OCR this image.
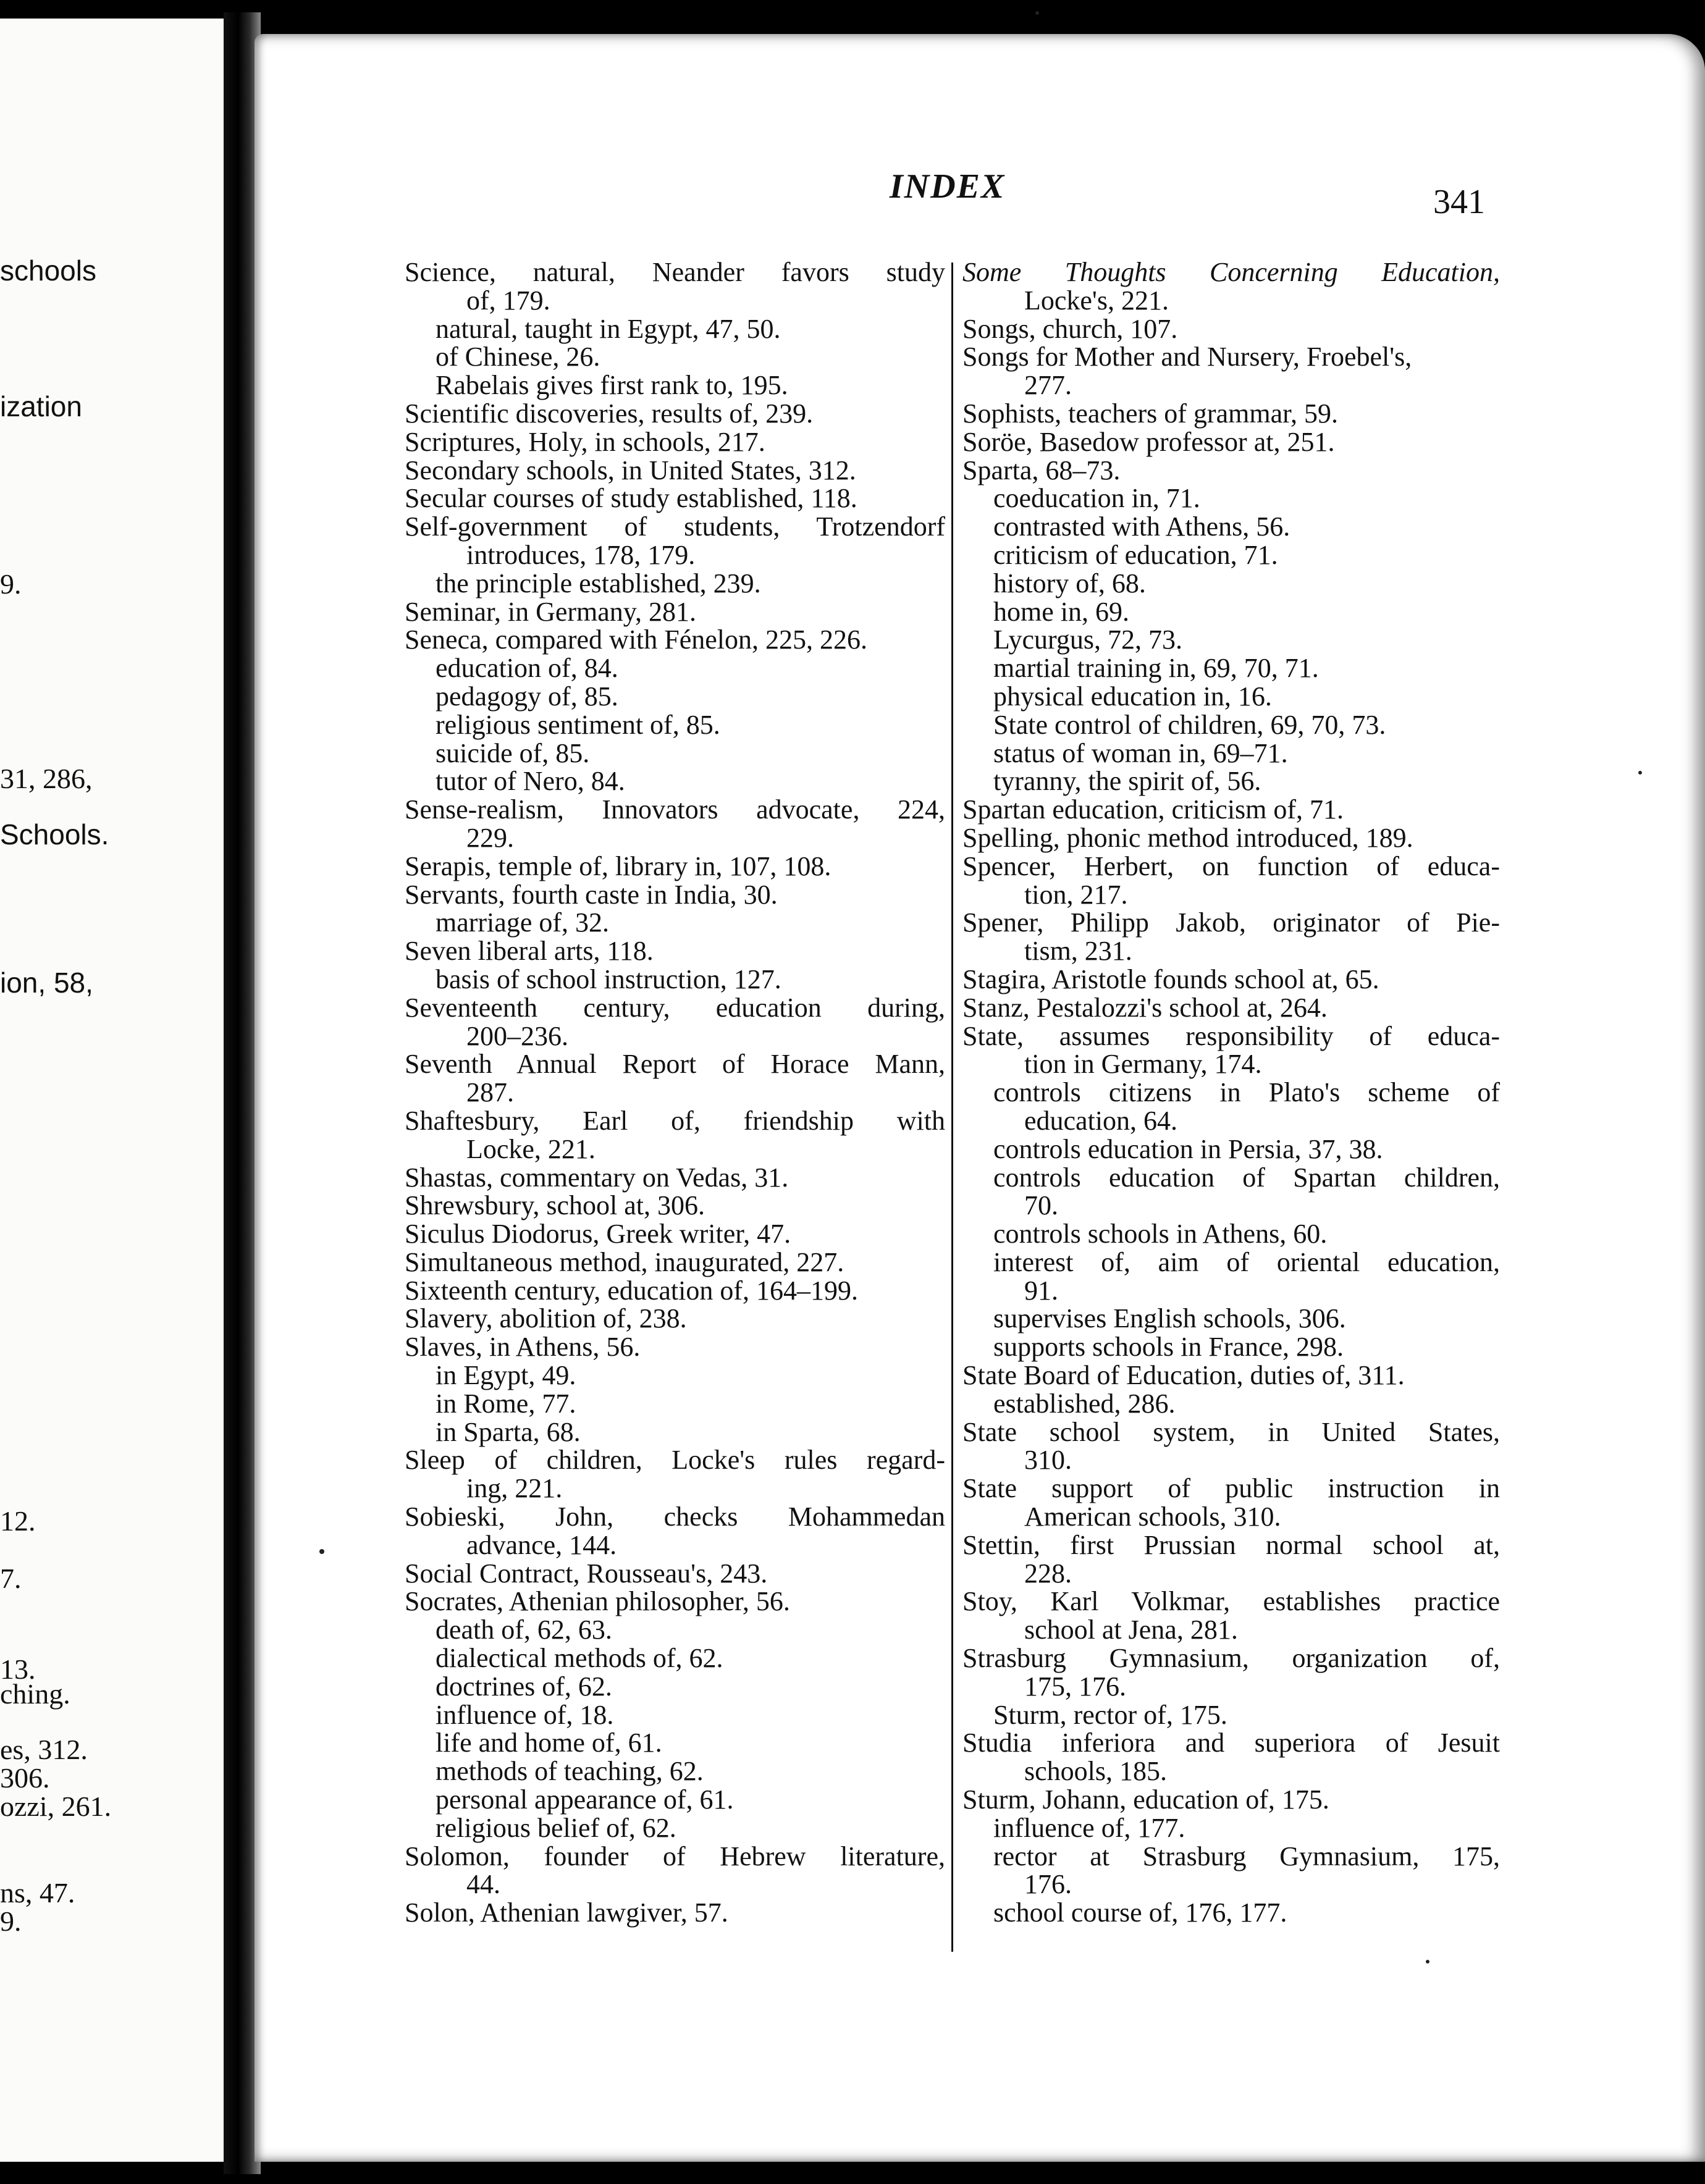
schools
ization
9.
31, 286,
Schools.
ion, 58,
12.
7.
13.
ching.
es, 312.
306.
ozzi, 261.
ns, 47.
9.
INDEX	341
Science, natural, Neander favors study
of, 179.
natural, taught in Egypt, 47, 50.
of Chinese, 26.
Rabelais gives first rank to, 195.
Scientific discoveries, results of, 239.
Scriptures, Holy, in schools, 217.
Secondary schools, in United States, 312.
Secular courses of study established, 118.
Self-government of students, Trotzendorf
introduces, 178, 179.
the principle established, 239.
Seminar, in Germany, 281.
Seneca, compared with Fénelon, 225, 226.
education of, 84.
pedagogy of, 85.
religious sentiment of, 85.
suicide of, 85.
tutor of Nero, 84.
Sense-realism, Innovators advocate, 224,
229.
Serapis, temple of, library in, 107, 108.
Servants, fourth caste in India, 30.
marriage of, 32.
Seven liberal arts, 118.
basis of school instruction, 127.
Seventeenth century, education during,
200–236.
Seventh Annual Report of Horace Mann,
287.
Shaftesbury, Earl of, friendship with
Locke, 221.
Shastas, commentary on Vedas, 31.
Shrewsbury, school at, 306.
Siculus Diodorus, Greek writer, 47.
Simultaneous method, inaugurated, 227.
Sixteenth century, education of, 164–199.
Slavery, abolition of, 238.
Slaves, in Athens, 56.
in Egypt, 49.
in Rome, 77.
in Sparta, 68.
Sleep of children, Locke's rules regard-
ing, 221.
Sobieski, John, checks Mohammedan
advance, 144.
Social Contract, Rousseau's, 243.
Socrates, Athenian philosopher, 56.
death of, 62, 63.
dialectical methods of, 62.
doctrines of, 62.
influence of, 18.
life and home of, 61.
methods of teaching, 62.
personal appearance of, 61.
religious belief of, 62.
Solomon, founder of Hebrew literature,
44.
Solon, Athenian lawgiver, 57.
Some Thoughts Concerning Education,
Locke's, 221.
Songs, church, 107.
Songs for Mother and Nursery, Froebel's,
277.
Sophists, teachers of grammar, 59.
Soröe, Basedow professor at, 251.
Sparta, 68–73.
coeducation in, 71.
contrasted with Athens, 56.
criticism of education, 71.
history of, 68.
home in, 69.
Lycurgus, 72, 73.
martial training in, 69, 70, 71.
physical education in, 16.
State control of children, 69, 70, 73.
status of woman in, 69–71.
tyranny, the spirit of, 56.
Spartan education, criticism of, 71.
Spelling, phonic method introduced, 189.
Spencer, Herbert, on function of educa-
tion, 217.
Spener, Philipp Jakob, originator of Pie-
tism, 231.
Stagira, Aristotle founds school at, 65.
Stanz, Pestalozzi's school at, 264.
State, assumes responsibility of educa-
tion in Germany, 174.
controls citizens in Plato's scheme of
education, 64.
controls education in Persia, 37, 38.
controls education of Spartan children,
70.
controls schools in Athens, 60.
interest of, aim of oriental education,
91.
supervises English schools, 306.
supports schools in France, 298.
State Board of Education, duties of, 311.
established, 286.
State school system, in United States,
310.
State support of public instruction in
American schools, 310.
Stettin, first Prussian normal school at,
228.
Stoy, Karl Volkmar, establishes practice
school at Jena, 281.
Strasburg Gymnasium, organization of,
175, 176.
Sturm, rector of, 175.
Studia inferiora and superiora of Jesuit
schools, 185.
Sturm, Johann, education of, 175.
influence of, 177.
rector at Strasburg Gymnasium, 175,
176.
school course of, 176, 177.
